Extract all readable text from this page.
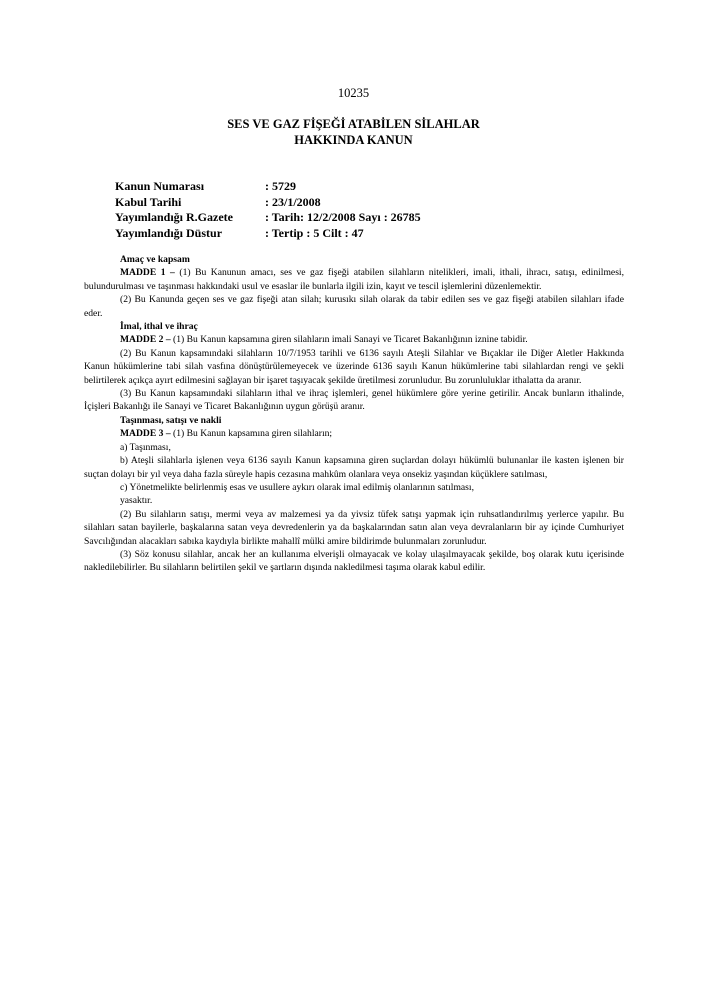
10235
SES VE GAZ FİŞEĞİ ATABİLEN SİLAHLAR
HAKKINDA KANUN
Kanun Numarası	: 5729
Kabul Tarihi	: 23/1/2008
Yayımlandığı R.Gazete	: Tarih: 12/2/2008 Sayı : 26785
Yayımlandığı Düstur	: Tertip : 5 Cilt : 47

Amaç ve kapsam

MADDE 1 – (1) Bu Kanunun amacı, ses ve gaz fişeği atabilen silahların nitelikleri, imali, ithali, ihracı, satışı, edinilmesi, bulundurulması ve taşınması hakkındaki usul ve esaslar ile bunlarla ilgili izin, kayıt ve tescil işlemlerini düzenlemektir.

(2) Bu Kanunda geçen ses ve gaz fişeği atan silah; kurusıkı silah olarak da tabir edilen ses ve gaz fişeği atabilen silahları ifade eder.

İmal, ithal ve ihraç

MADDE 2 – (1) Bu Kanun kapsamına giren silahların imali Sanayi ve Ticaret Bakanlığının iznine tabidir.

(2) Bu Kanun kapsamındaki silahların 10/7/1953 tarihli ve 6136 sayılı Ateşli Silahlar ve Bıçaklar ile Diğer Aletler Hakkında Kanun hükümlerine tabi silah vasfına dönüştürülemeyecek ve üzerinde 6136 sayılı Kanun hükümlerine tabi silahlardan rengi ve şekli belirtilerek açıkça ayırt edilmesini sağlayan bir işaret taşıyacak şekilde üretilmesi zorunludur. Bu zorunluluklar ithalatta da aranır.

(3) Bu Kanun kapsamındaki silahların ithal ve ihraç işlemleri, genel hükümlere göre yerine getirilir. Ancak bunların ithalinde, İçişleri Bakanlığı ile Sanayi ve Ticaret Bakanlığının uygun görüşü aranır.

Taşınması, satışı ve nakli

MADDE 3 – (1) Bu Kanun kapsamına giren silahların;

a) Taşınması,

b) Ateşli silahlarla işlenen veya 6136 sayılı Kanun kapsamına giren suçlardan dolayı hükümlü bulunanlar ile kasten işlenen bir suçtan dolayı bir yıl veya daha fazla süreyle hapis cezasına mahkûm olanlara veya onsekiz yaşından küçüklere satılması,

c) Yönetmelikte belirlenmiş esas ve usullere aykırı olarak imal edilmiş olanlarının satılması,

yasaktır.

(2) Bu silahların satışı, mermi veya av malzemesi ya da yivsiz tüfek satışı yapmak için ruhsatlandırılmış yerlerce yapılır. Bu silahları satan bayilerle, başkalarına satan veya devredenlerin ya da başkalarından satın alan veya devralanların bir ay içinde Cumhuriyet Savcılığından alacakları sabıka kaydıyla birlikte mahallî mülki amire bildirimde bulunmaları zorunludur.

(3) Söz konusu silahlar, ancak her an kullanıma elverişli olmayacak ve kolay ulaşılmayacak şekilde, boş olarak kutu içerisinde nakledilebilirler. Bu silahların belirtilen şekil ve şartların dışında nakledilmesi taşıma olarak kabul edilir.
